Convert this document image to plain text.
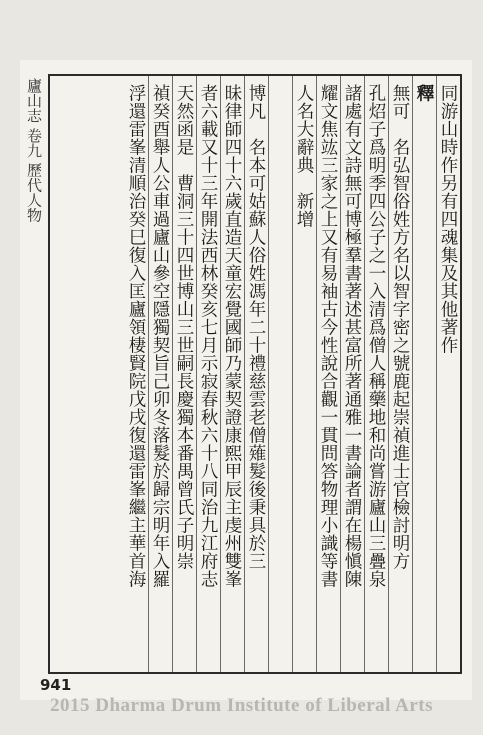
廬山志 卷九 歷代人物	同游山時作另有四魂集及其他著作
釋
無可　名弘智俗姓方名以智字密之號鹿起崇禎進士官檢討明方
孔炤子爲明季四公子之一入清爲僧人稱藥地和尚嘗游廬山三疊泉
諸處有文詩無可博極羣書著述甚富所著通雅一書論者謂在楊愼陳
耀文焦竑三家之上又有易袖古今性說合觀一貫問答物理小識等書
人名大辭典　新增
博凡　名本可姑蘇人俗姓馮年二十禮慈雲老僧薙髮後秉具於三
昧律師四十六歲直造天童宏覺國師乃蒙契證康熙甲辰主虔州雙峯
者六載又十三年開法西林癸亥七月示寂春秋六十八同治九江府志
天然函是　曹洞三十四世博山三世嗣長慶獨本番禺曾氏子明崇
禎癸酉舉人公車過廬山參空隱獨契旨己卯冬落髮於歸宗明年入羅
浮還雷峯清順治癸巳復入匡廬領棲賢院戊戌復還雷峯繼主華首海
941
2015 Dharma Drum Institute of Liberal Arts
